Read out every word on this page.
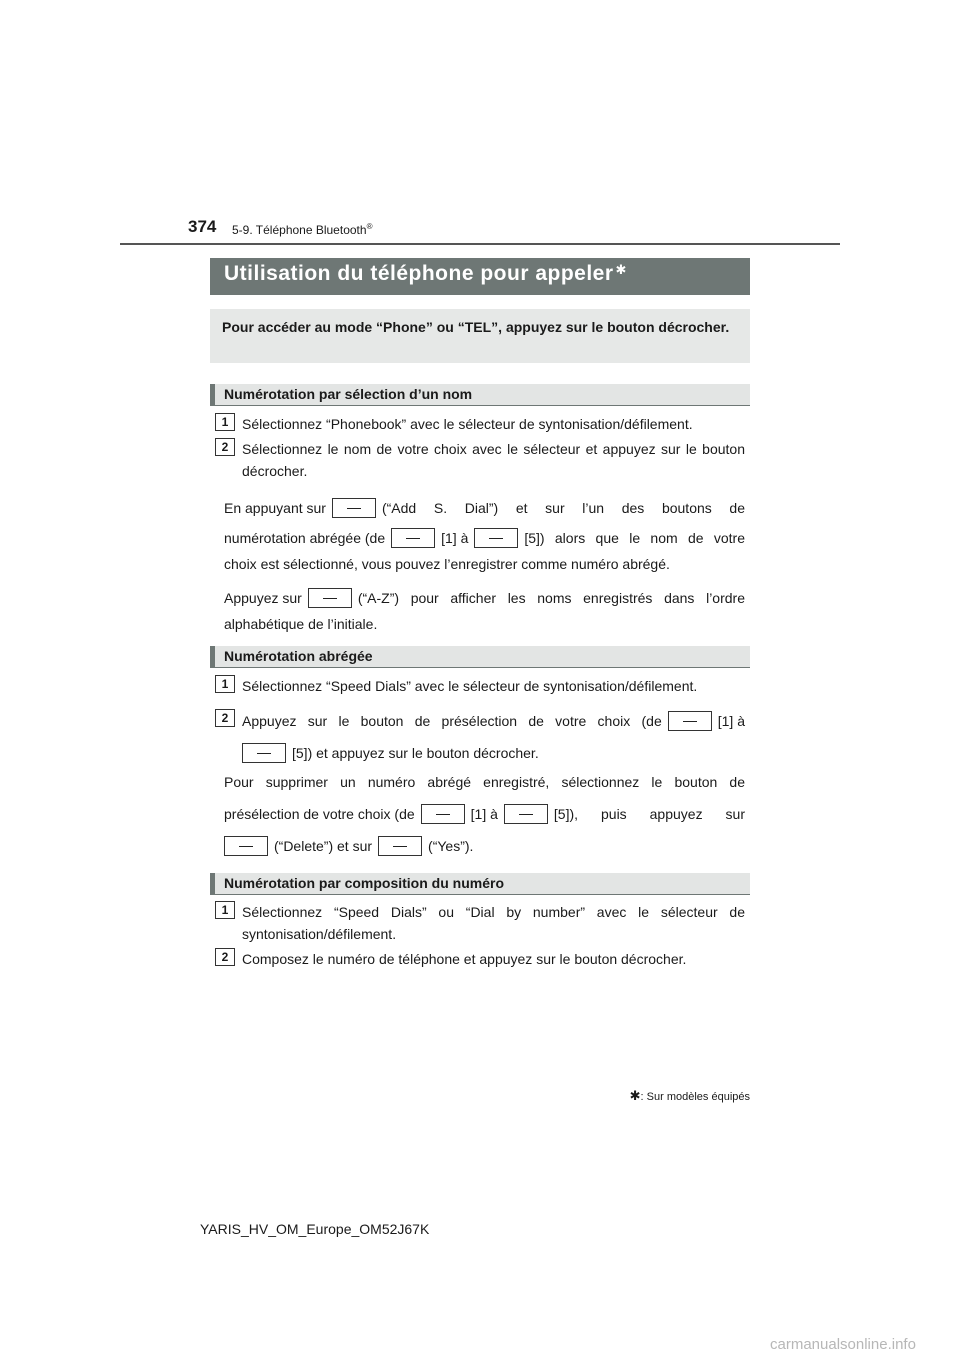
374 5-9. Téléphone Bluetooth®
Utilisation du téléphone pour appeler ✱
Pour accéder au mode “Phone” ou “TEL”, appuyez sur le bouton décrocher.
Numérotation par sélection d’un nom
1 Sélectionnez “Phonebook” avec le sélecteur de syntonisation/défilement.
2 Sélectionnez le nom de votre choix avec le sélecteur et appuyez sur le bouton décrocher.
En appuyant sur	(“Add S. Dial”) et sur l’un des boutons de
numérotation abrégée (de	[1] à	[5]) alors que le nom de votre
choix est sélectionné, vous pouvez l’enregistrer comme numéro abrégé.
Appuyez sur	(“A-Z”) pour afficher les noms enregistrés dans l’ordre
alphabétique de l’initiale.
Numérotation abrégée
1 Sélectionnez “Speed Dials” avec le sélecteur de syntonisation/défilement.
2 Appuyez sur le bouton de présélection de votre choix (de	[1] à
[5]) et appuyez sur le bouton décrocher.
Pour supprimer un numéro abrégé enregistré, sélectionnez le bouton de
présélection de votre choix (de	[1] à	[5]), puis appuyez sur
(“Delete”) et sur	(“Yes”).
Numérotation par composition du numéro
1 Sélectionnez “Speed Dials” ou “Dial by number” avec le sélecteur de syntonisation/défilement.
2 Composez le numéro de téléphone et appuyez sur le bouton décrocher.
✱: Sur modèles équipés
YARIS_HV_OM_Europe_OM52J67K
carmanualsonline.info
